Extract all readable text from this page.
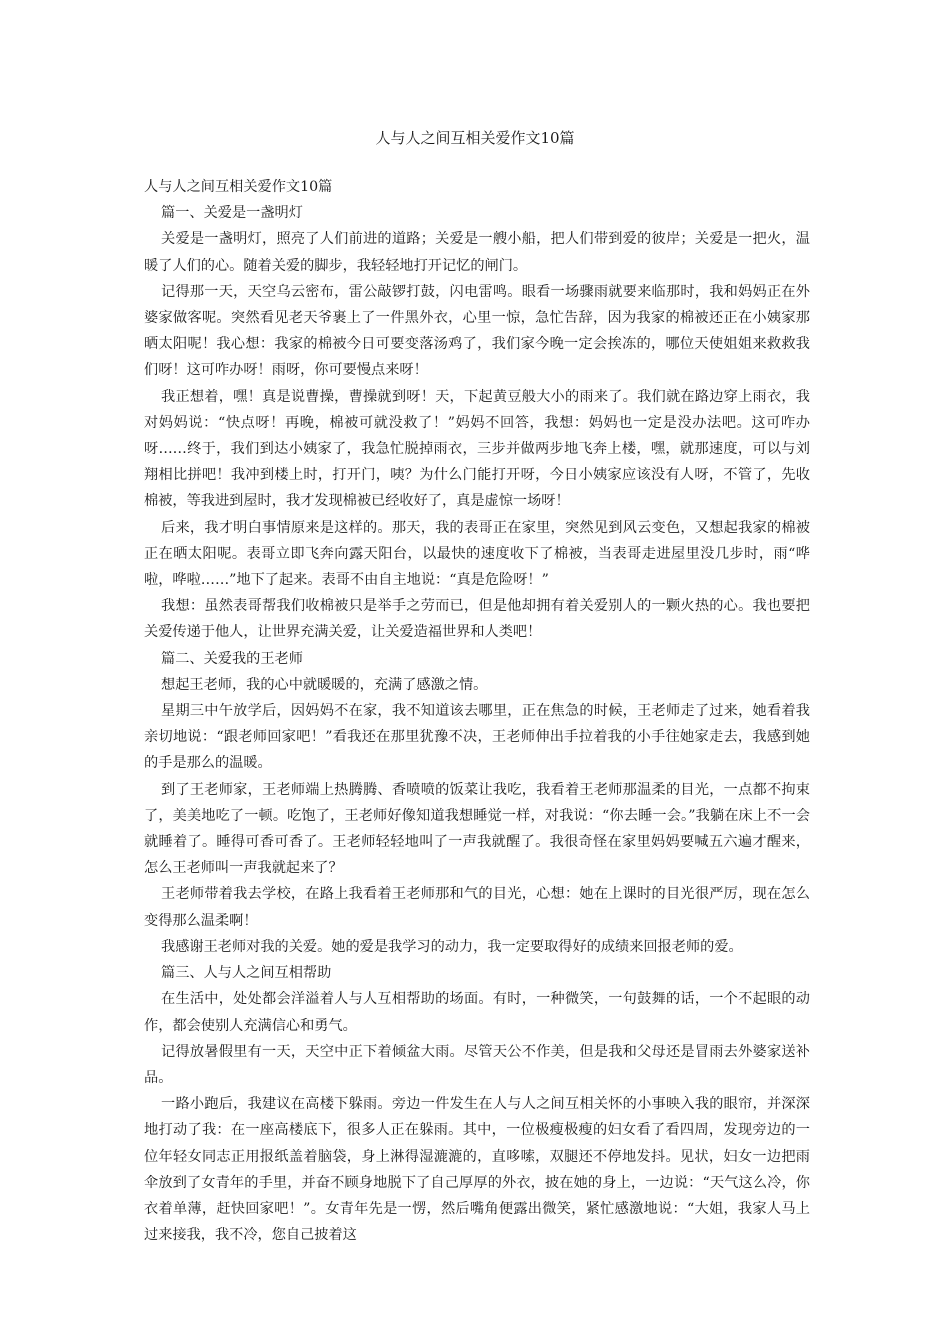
人与人之间互相关爱作文10篇

人与人之间互相关爱作文10篇

篇一、关爱是一盏明灯

关爱是一盏明灯，照亮了人们前进的道路；关爱是一艘小船，把人们带到爱的彼岸；关爱是一把火，温暖了人们的心。随着关爱的脚步，我轻轻地打开记忆的闸门。

记得那一天，天空乌云密布，雷公敲锣打鼓，闪电雷鸣。眼看一场骤雨就要来临那时，我和妈妈正在外婆家做客呢。突然看见老天爷裹上了一件黑外衣，心里一惊，急忙告辞，因为我家的棉被还正在小姨家那晒太阳呢！我心想：我家的棉被今日可要变落汤鸡了，我们家今晚一定会挨冻的，哪位天使姐姐来救救我们呀！这可咋办呀！雨呀，你可要慢点来呀！

我正想着，嘿！真是说曹操，曹操就到呀！天，下起黄豆般大小的雨来了。我们就在路边穿上雨衣，我对妈妈说：“快点呀！再晚，棉被可就没救了！”妈妈不回答，我想：妈妈也一定是没办法吧。这可咋办呀……终于，我们到达小姨家了，我急忙脱掉雨衣，三步并做两步地飞奔上楼，嘿，就那速度，可以与刘翔相比拼吧！我冲到楼上时，打开门，咦？为什么门能打开呀，今日小姨家应该没有人呀，不管了，先收棉被，等我进到屋时，我才发现棉被已经收好了，真是虚惊一场呀！

后来，我才明白事情原来是这样的。那天，我的表哥正在家里，突然见到风云变色，又想起我家的棉被正在晒太阳呢。表哥立即飞奔向露天阳台，以最快的速度收下了棉被，当表哥走进屋里没几步时，雨“哗啦，哗啦……”地下了起来。表哥不由自主地说：“真是危险呀！”

我想：虽然表哥帮我们收棉被只是举手之劳而已，但是他却拥有着关爱别人的一颗火热的心。我也要把关爱传递于他人，让世界充满关爱，让关爱造福世界和人类吧！

篇二、关爱我的王老师

想起王老师，我的心中就暖暖的，充满了感激之情。

星期三中午放学后，因妈妈不在家，我不知道该去哪里，正在焦急的时候，王老师走了过来，她看着我亲切地说：“跟老师回家吧！”看我还在那里犹豫不决，王老师伸出手拉着我的小手往她家走去，我感到她的手是那么的温暖。

到了王老师家，王老师端上热腾腾、香喷喷的饭菜让我吃，我看着王老师那温柔的目光，一点都不拘束了，美美地吃了一顿。吃饱了，王老师好像知道我想睡觉一样，对我说：“你去睡一会。”我躺在床上不一会就睡着了。睡得可香可香了。王老师轻轻地叫了一声我就醒了。我很奇怪在家里妈妈要喊五六遍才醒来，怎么王老师叫一声我就起来了？

王老师带着我去学校，在路上我看着王老师那和气的目光，心想：她在上课时的目光很严厉，现在怎么变得那么温柔啊！

我感谢王老师对我的关爱。她的爱是我学习的动力，我一定要取得好的成绩来回报老师的爱。

篇三、人与人之间互相帮助

在生活中，处处都会洋溢着人与人互相帮助的场面。有时，一种微笑，一句鼓舞的话，一个不起眼的动作，都会使别人充满信心和勇气。

记得放暑假里有一天，天空中正下着倾盆大雨。尽管天公不作美，但是我和父母还是冒雨去外婆家送补品。

一路小跑后，我建议在高楼下躲雨。旁边一件发生在人与人之间互相关怀的小事映入我的眼帘，并深深地打动了我：在一座高楼底下，很多人正在躲雨。其中，一位极瘦极瘦的妇女看了看四周，发现旁边的一位年轻女同志正用报纸盖着脑袋，身上淋得湿漉漉的，直哆嗦，双腿还不停地发抖。见状，妇女一边把雨伞放到了女青年的手里，并奋不顾身地脱下了自己厚厚的外衣，披在她的身上，一边说：“天气这么冷，你衣着单薄，赶快回家吧！”。女青年先是一愣，然后嘴角便露出微笑，紧忙感激地说：“大姐，我家人马上过来接我，我不冷，您自己披着这
